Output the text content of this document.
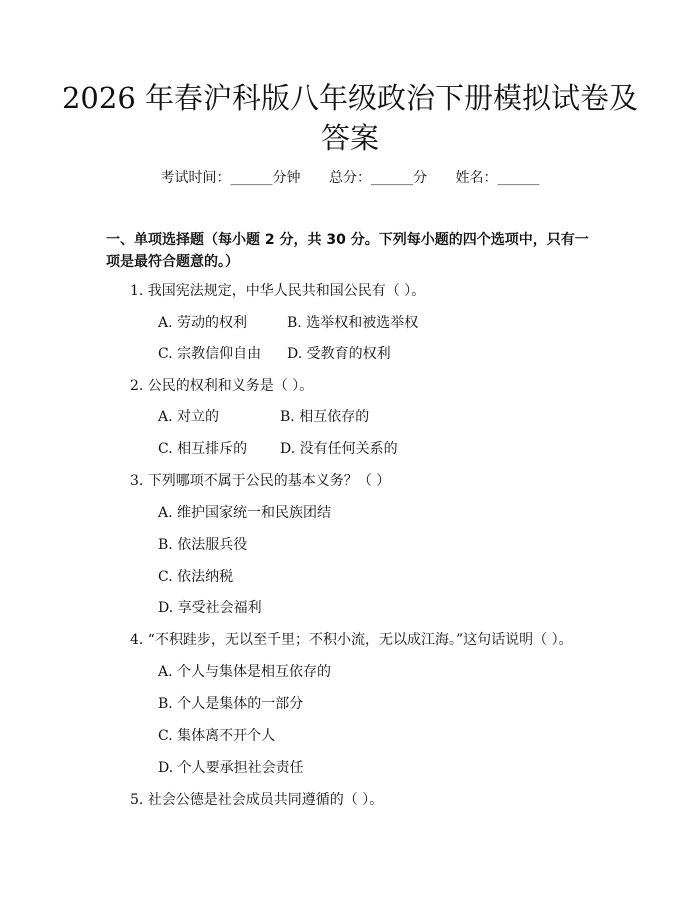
2026 年春沪科版八年级政治下册模拟试卷及答案
考试时间：______分钟 总分：______分 姓名：______
一、单项选择题（每小题 2 分，共 30 分。下列每小题的四个选项中，只有一项是最符合题意的。）
1. 我国宪法规定，中华人民共和国公民有（ ）。
A. 劳动的权利	B. 选举权和被选举权
C. 宗教信仰自由 D. 受教育的权利
2. 公民的权利和义务是（ ）。
A. 对立的	B. 相互依存的
C. 相互排斥的 D. 没有任何关系的
3. 下列哪项不属于公民的基本义务？（ ）
A. 维护国家统一和民族团结
B. 依法服兵役
C. 依法纳税
D. 享受社会福利
4. “不积跬步，无以至千里；不积小流，无以成江海。”这句话说明（ ）。
A. 个人与集体是相互依存的
B. 个人是集体的一部分
C. 集体离不开个人
D. 个人要承担社会责任
5. 社会公德是社会成员共同遵循的（ ）。
